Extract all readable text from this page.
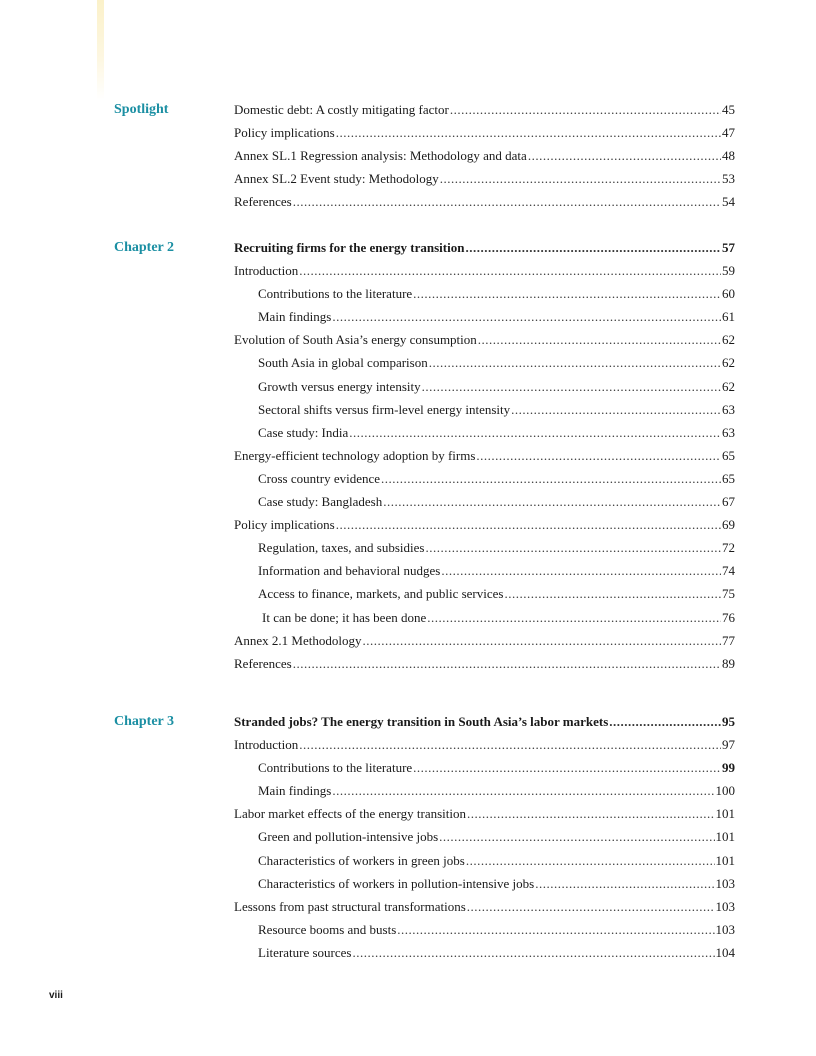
Spotlight	Domestic debt: A costly mitigating factor .....	45
Policy implications .....	47
Annex SL.1 Regression analysis: Methodology and data .....	48
Annex SL.2 Event study: Methodology .....	53
References .....	54
Chapter 2	Recruiting firms for the energy transition .....	57
Introduction .....	59
Contributions to the literature .....	60
Main findings .....	61
Evolution of South Asia’s energy consumption .....	62
South Asia in global comparison .....	62
Growth versus energy intensity .....	62
Sectoral shifts versus firm-level energy intensity .....	63
Case study: India .....	63
Energy-efficient technology adoption by firms .....	65
Cross country evidence .....	65
Case study: Bangladesh .....	67
Policy implications .....	69
Regulation, taxes, and subsidies .....	72
Information and behavioral nudges .....	74
Access to finance, markets, and public services .....	75
It can be done; it has been done .....	76
Annex 2.1 Methodology .....	77
References .....	89
Chapter 3	Stranded jobs? The energy transition in South Asia’s labor markets .....	95
Introduction .....	97
Contributions to the literature .....	99
Main findings .....	100
Labor market effects of the energy transition .....	101
Green and pollution-intensive jobs .....	101
Characteristics of workers in green jobs .....	101
Characteristics of workers in pollution-intensive jobs .....	103
Lessons from past structural transformations .....	103
Resource booms and busts .....	103
Literature sources .....	104
viii
